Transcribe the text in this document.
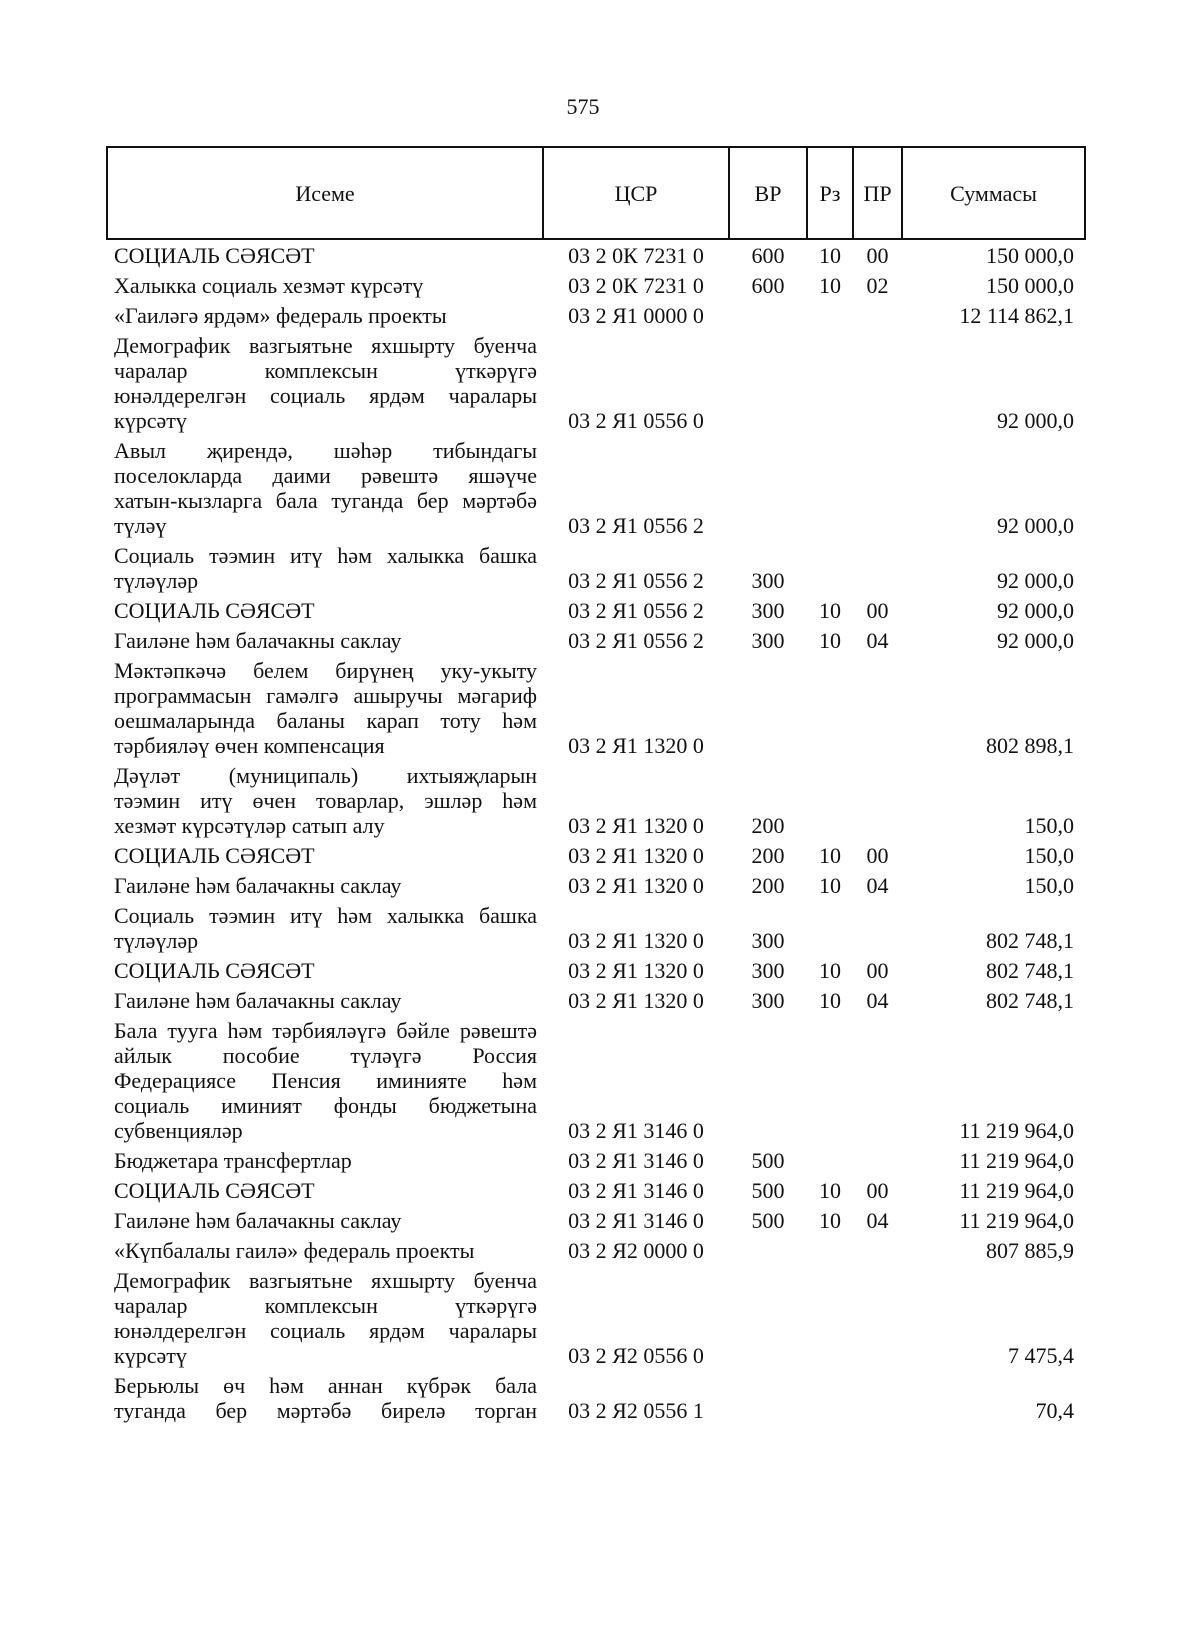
575
Исеме	ЦСР	ВР	Рз	ПР	Суммасы

СОЦИАЛЬ СӘЯСӘТ	03 2 0К 7231 0	600	10	00	150 000,0

Халыкка социаль хезмәт күрсәтү	03 2 0К 7231 0	600	10	02	150 000,0

«Гаиләгә ярдәм» федераль проекты	03 2 Я1 0000 0				12 114 862,1

Демографик вазгыятьне яхшырту буенча
чаралар комплексын үткәрүгә
юнәлдерелгән социаль ярдәм чаралары
күрсәтү	03 2 Я1 0556 0				92 000,0

Авыл җирендә, шәһәр тибындагы
поселокларда даими рәвештә яшәүче
хатын-кызларга бала туганда бер мәртәбә
түләү	03 2 Я1 0556 2				92 000,0

Социаль тәэмин итү һәм халыкка башка
түләүләр	03 2 Я1 0556 2	300			92 000,0

СОЦИАЛЬ СӘЯСӘТ	03 2 Я1 0556 2	300	10	00	92 000,0

Гаиләне һәм балачакны саклау	03 2 Я1 0556 2	300	10	04	92 000,0

Мәктәпкәчә белем бирүнең уку-укыту
программасын гамәлгә ашыручы мәгариф
оешмаларында баланы карап тоту һәм
тәрбияләү өчен компенсация	03 2 Я1 1320 0				802 898,1

Дәүләт (муниципаль) ихтыяҗларын
тәэмин итү өчен товарлар, эшләр һәм
хезмәт күрсәтүләр сатып алу	03 2 Я1 1320 0	200			150,0

СОЦИАЛЬ СӘЯСӘТ	03 2 Я1 1320 0	200	10	00	150,0

Гаиләне һәм балачакны саклау	03 2 Я1 1320 0	200	10	04	150,0

Социаль тәэмин итү һәм халыкка башка
түләүләр	03 2 Я1 1320 0	300			802 748,1

СОЦИАЛЬ СӘЯСӘТ	03 2 Я1 1320 0	300	10	00	802 748,1

Гаиләне һәм балачакны саклау	03 2 Я1 1320 0	300	10	04	802 748,1

Бала тууга һәм тәрбияләүгә бәйле рәвештә
айлык пособие түләүгә Россия
Федерациясе Пенсия иминияте һәм
социаль иминият фонды бюджетына
субвенцияләр	03 2 Я1 3146 0				11 219 964,0

Бюджетара трансфертлар	03 2 Я1 3146 0	500			11 219 964,0

СОЦИАЛЬ СӘЯСӘТ	03 2 Я1 3146 0	500	10	00	11 219 964,0

Гаиләне һәм балачакны саклау	03 2 Я1 3146 0	500	10	04	11 219 964,0

«Күпбалалы гаилә» федераль проекты	03 2 Я2 0000 0				807 885,9

Демографик вазгыятьне яхшырту буенча
чаралар комплексын үткәрүгә
юнәлдерелгән социаль ярдәм чаралары
күрсәтү	03 2 Я2 0556 0				7 475,4

Берьюлы өч һәм аннан күбрәк бала
туганда бер мәртәбә бирелә торган	03 2 Я2 0556 1				70,4
